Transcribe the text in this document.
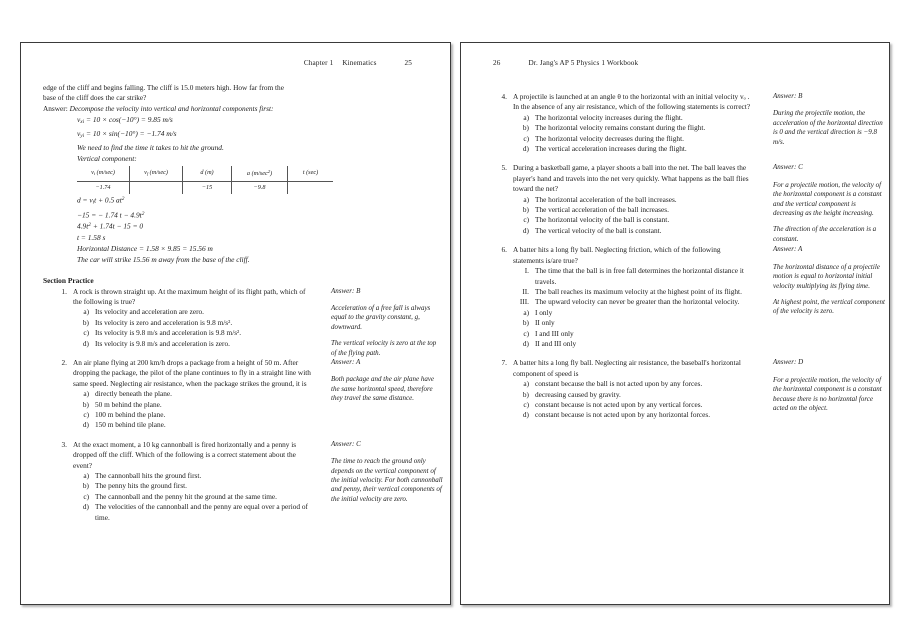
Chapter 1 Kinematics	25
edge of the cliff and begins falling. The cliff is 15.0 meters high. How far from the
base of the cliff does the car strike?
Answer: Decompose the velocity into vertical and horizontal components first:
vxi = 10 × cos(−10°) = 9.85 m/s
vyi = 10 × sin(−10°) = −1.74 m/s
We need to find the time it takes to hit the ground.
Vertical component:
$v_i$ (m/sec)	$v_f$ (m/sec)	d (m)	a $(m/\sec^2)$	t (sec)
−1.74		−15	−9.8	
d = vit + 0.5 $at^2$
−15 = − 1.74 $t - 4.9t^2$
$4.9t^2 + 1.74t - 15 = 0$
t = 1.58 s
Horizontal Distance = 1.58 × 9.85 = 15.56 m
The car will strike 15.56 m away from the base of the cliff.
Section Practice
1. A rock is thrown straight up. At the maximum height of its flight path, which of the following is true?

a) Its velocity and acceleration are zero.
b) Its velocity is zero and acceleration is 9.8 m/s².
c) Its velocity is 9.8 m/s and acceleration is 9.8 m/s².
d) Its velocity is 9.8 m/s and acceleration is zero.
Answer: B
Acceleration of a free fall is always equal to the gravity constant, g, downward.
The vertical velocity is zero at the top of the flying path.
2. An air plane flying at 200 km/h drops a package from a height of 50 m. After dropping the package, the pilot of the plane continues to fly in a straight line with same speed. Neglecting air resistance, when the package strikes the ground, it is

a) directly beneath the plane.
b) 50 m behind the plane.
c) 100 m behind the plane.
d) 150 m behind tile plane.
Answer: A
Both package and the air plane have the same horizontal speed, therefore they travel the same distance.
3. At the exact moment, a 10 kg cannonball is fired horizontally and a penny is dropped off the cliff. Which of the following is a correct statement about the event?

a) The cannonball hits the ground first.
b) The penny hits the ground first.
c) The cannonball and the penny hit the ground at the same time.
d) The velocities of the cannonball and the penny are equal over a period of time.
Answer: C
The time to reach the ground only depends on the vertical component of the initial velocity. For both cannonball and penny, their vertical components of the initial velocity are zero.
26	Dr. Jang's AP 5 Physics 1 Workbook
4. A projectile is launched at an angle θ to the horizontal with an initial velocity vₒ . In the absence of any air resistance, which of the following statements is correct?

a) The horizontal velocity increases during the flight.
b) The horizontal velocity remains constant during the flight.
c) The horizontal velocity decreases during the flight.
d) The vertical acceleration increases during the flight.
Answer: B
During the projectile motion, the acceleration of the horizontal direction is 0 and the vertical direction is −9.8 m/s.
5. During a basketball game, a player shoots a ball into the net. The ball leaves the player's hand and travels into the net very quickly. What happens as the ball flies toward the net?

a) The horizontal acceleration of the ball increases.
b) The vertical acceleration of the ball increases.
c) The horizontal velocity of the ball is constant.
d) The vertical velocity of the ball is constant.
Answer: C
For a projectile motion, the velocity of the horizontal component is a constant and the vertical component is decreasing as the height increasing.
The direction of the acceleration is a constant.
6. A batter hits a long fly ball. Neglecting friction, which of the following statements is/are true?

I. The time that the ball is in free fall determines the horizontal distance it travels.
II. The ball reaches its maximum velocity at the highest point of its flight.
III. The upward velocity can never be greater than the horizontal velocity.
a) I only
b) II only
c) I and III only
d) II and III only
Answer: A
The horizontal distance of a projectile motion is equal to horizontal initial velocity multiplying its flying time.
At highest point, the vertical component of the velocity is zero.
7. A batter hits a long fly ball. Neglecting air resistance, the baseball's horizontal component of speed is

a) constant because the ball is not acted upon by any forces.
b) decreasing caused by gravity.
c) constant because is not acted upon by any vertical forces.
d) constant because is not acted upon by any horizontal forces.
Answer: D
For a projectile motion, the velocity of the horizontal component is a constant because there is no horizontal force acted on the object.
